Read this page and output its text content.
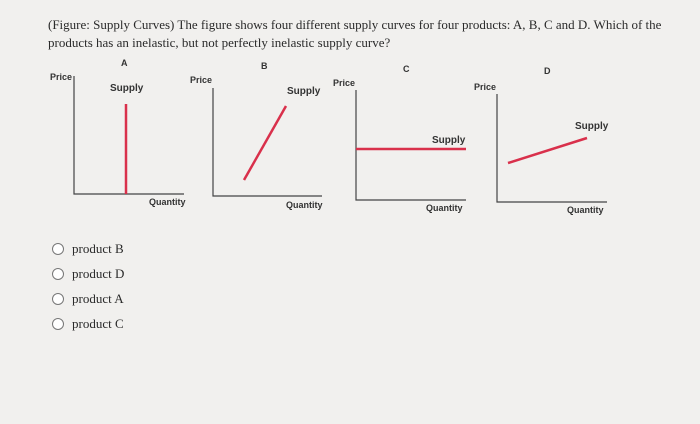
(Figure: Supply Curves) The figure shows four different supply curves for four products: A, B, C and D. Which of the products has an inelastic, but not perfectly inelastic supply curve?
A
Price
Supply
Quantity
B
Price
Supply
Quantity
C
Price
Supply
Quantity
D
Price
Supply
Quantity
product B
product D
product A
product C
